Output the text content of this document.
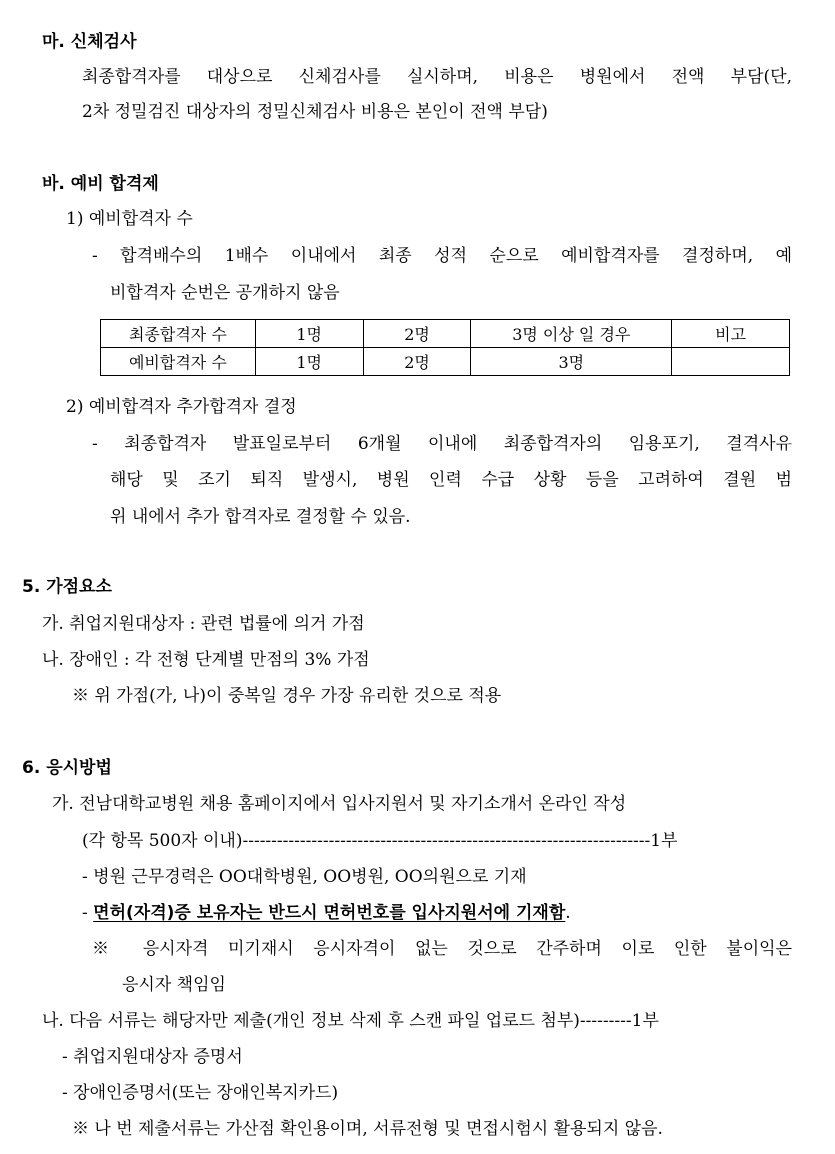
마. 신체검사
최종합격자를 대상으로 신체검사를 실시하며, 비용은 병원에서 전액 부담(단,
2차 정밀검진 대상자의 정밀신체검사 비용은 본인이 전액 부담)
바. 예비 합격제
1) 예비합격자 수
- 합격배수의 1배수 이내에서 최종 성적 순으로 예비합격자를 결정하며, 예
비합격자 순번은 공개하지 않음
최종합격자 수	1명	2명	3명 이상 일 경우	비고
예비합격자 수	1명	2명	3명	
2) 예비합격자 추가합격자 결정
- 최종합격자 발표일로부터 6개월 이내에 최종합격자의 임용포기, 결격사유
해당 및 조기 퇴직 발생시, 병원 인력 수급 상황 등을 고려하여 결원 범
위 내에서 추가 합격자로 결정할 수 있음.
5. 가점요소
가. 취업지원대상자 : 관련 법률에 의거 가점
나. 장애인 : 각 전형 단계별 만점의 3% 가점
※ 위 가점(가, 나)이 중복일 경우 가장 유리한 것으로 적용
6. 응시방법
가. 전남대학교병원 채용 홈페이지에서 입사지원서 및 자기소개서 온라인 작성
(각 항목 500자 이내)-----------------------------------------------------------------------1부
- 병원 근무경력은 OO대학병원, OO병원, OO의원으로 기재
- 면허(자격)증 보유자는 반드시 면허번호를 입사지원서에 기재함.
※ 응시자격 미기재시 응시자격이 없는 것으로 간주하며 이로 인한 불이익은
응시자 책임임
나. 다음 서류는 해당자만 제출(개인 정보 삭제 후 스캔 파일 업로드 첨부)---------1부
- 취업지원대상자 증명서
- 장애인증명서(또는 장애인복지카드)
※ 나 번 제출서류는 가산점 확인용이며, 서류전형 및 면접시험시 활용되지 않음.
